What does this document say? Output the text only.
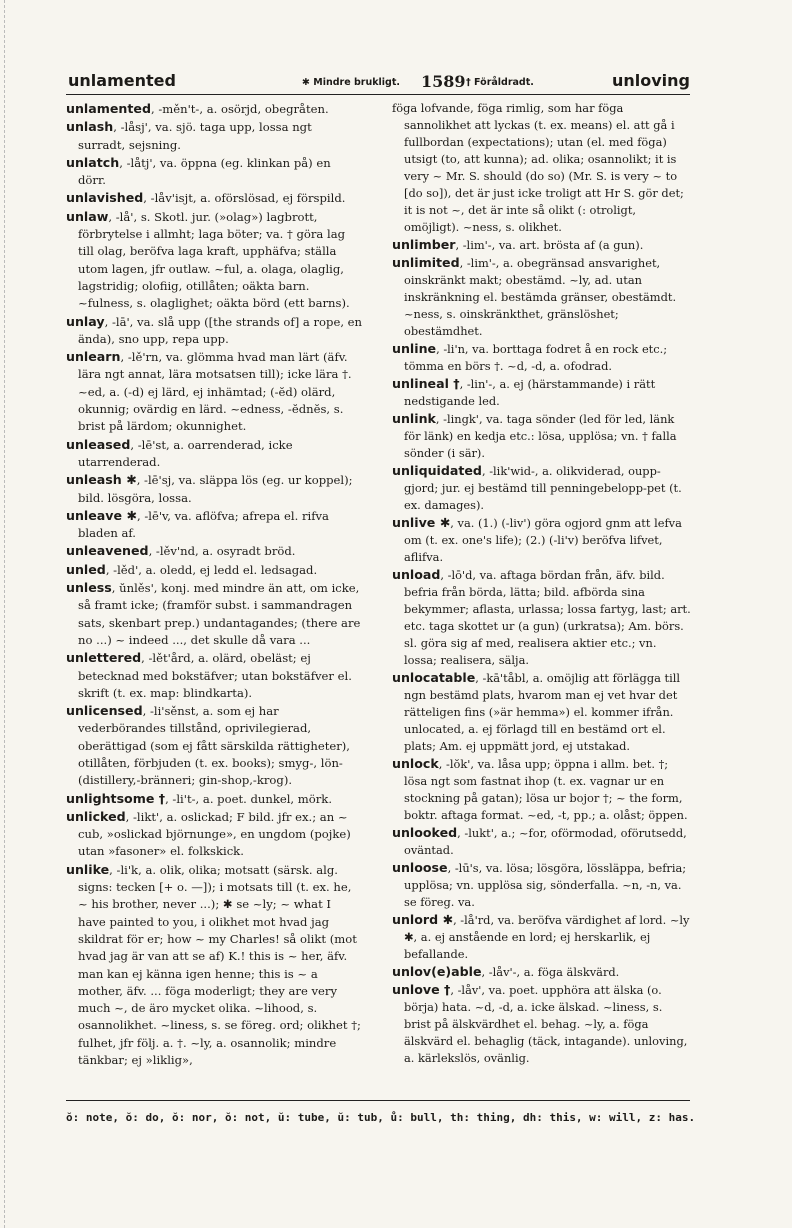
unlamented	✱ Mindre brukligt. 1589 † Föråldradt.	unloving

unlamented, -měn't-, a. osörjd, obegråten.

unlash, -låsj', va. sjö. taga upp, lossa ngt surradt, sejsning.

unlatch, -låtj', va. öppna (eg. klinkan på) en dörr.

unlavished, -låv'isjt, a. oförslösad, ej förspild.

unlaw, -lå', s. Skotl. jur. (»olag») lagbrott, förbrytelse i allmht; laga böter; va. † göra lag till olag, beröfva laga kraft, upphäfva; ställa utom lagen, jfr outlaw. ~ful, a. olaga, olaglig, lagstridig; olofiig, otillåten; oäkta barn. ~fulness, s. olaglighet; oäkta börd (ett barns).

unlay, -lā', va. slå upp ([the strands of] a rope, en ända), sno upp, repa upp.

unlearn, -lě'rn, va. glömma hvad man lärt (äfv. lära ngt annat, lära motsatsen till); icke lära †. ~ed, a. (-d) ej lärd, ej inhämtad; (-ĕd) olärd, okunnig; ovärdig en lärd. ~edness, -ĕdnĕs, s. brist på lärdom; okunnighet.

unleased, -lē'st, a. oarrenderad, icke utarrenderad.

unleash ✱, -lē'sj, va. släppa lös (eg. ur koppel); bild. lösgöra, lossa.

unleave ✱, -lē'v, va. aflöfva; afrepa el. rifva bladen af.

unleavened, -lěv'nd, a. osyradt bröd.

unled, -lěd', a. oledd, ej ledd el. ledsagad.

unless, ŭnlěs', konj. med mindre än att, om icke, så framt icke; (framför subst. i sammandragen sats, skenbart prep.) undantagandes; (there are no ...) ~ indeed ..., det skulle då vara ...

unlettered, -lět'ård, a. olärd, obeläst; ej betecknad med bokstäfver; utan bokstäfver el. skrift (t. ex. map: blindkarta).

unlicensed, -li'sěnst, a. som ej har vederbörandes tillstånd, oprivilegierad, oberättigad (som ej fått särskilda rättigheter), otillåten, förbjuden (t. ex. books); smyg-, lön-(distillery,-bränneri; gin-shop,-krog).

unlightsome †, -li't-, a. poet. dunkel, mörk.

unlicked, -likt', a. oslickad; F bild. jfr ex.; an ~ cub, »oslickad björnunge», en ungdom (pojke) utan »fasoner» el. folkskick.

unlike, -li'k, a. olik, olika; motsatt (särsk. alg. signs: tecken [+ o. —]); i motsats till (t. ex. he, ~ his brother, never ...); ✱ se ~ly; ~ what I have painted to you, i olikhet mot hvad jag skildrat för er; how ~ my Charles! så olikt (mot hvad jag är van att se af) K.! this is ~ her, äfv. man kan ej känna igen henne; this is ~ a mother, äfv. ... föga moderligt; they are very much ~, de äro mycket olika. ~lihood, s. osannolikhet. ~liness, s. se föreg. ord; olikhet †; fulhet, jfr följ. a. †. ~ly, a. osannolik; mindre tänkbar; ej »liklig»,

föga lofvande, föga rimlig, som har föga sannolikhet att lyckas (t. ex. means) el. att gå i fullbordan (expectations); utan (el. med föga) utsigt (to, att kunna); ad. olika; osannolikt; it is very ~ Mr. S. should (do so) (Mr. S. is very ~ to [do so]), det är just icke troligt att Hr S. gör det; it is not ~, det är inte så olikt (: otroligt, omöjligt). ~ness, s. olikhet.

unlimber, -lim'-, va. art. brösta af (a gun).

unlimited, -lim'-, a. obegränsad ansvarighet, oinskränkt makt; obestämd. ~ly, ad. utan inskränkning el. bestämda gränser, obestämdt. ~ness, s. oinskränkthet, gränslöshet; obestämdhet.

unline, -li'n, va. borttaga fodret å en rock etc.; tömma en börs †. ~d, -d, a. ofodrad.

unlineal †, -lin'-, a. ej (härstammande) i rätt nedstigande led.

unlink, -lingk', va. taga sönder (led för led, länk för länk) en kedja etc.: lösa, upplösa; vn. † falla sönder (i sär).

unliquidated, -lik'wid-, a. olikviderad, oupp-gjord; jur. ej bestämd till penningebelopp-pet (t. ex. damages).

unlive ✱, va. (1.) (-liv') göra ogjord gnm att lefva om (t. ex. one's life); (2.) (-li'v) beröfva lifvet, aflifva.

unload, -lō'd, va. aftaga bördan från, äfv. bild. befria från börda, lätta; bild. afbörda sina bekymmer; aflasta, urlassa; lossa fartyg, last; art. etc. taga skottet ur (a gun) (urkratsa); Am. börs. sl. göra sig af med, realisera aktier etc.; vn. lossa; realisera, sälja.

unlocatable, -kā'tåbl, a. omöjlig att förlägga till ngn bestämd plats, hvarom man ej vet hvar det rätteligen fins (»är hemma») el. kommer ifrån. unlocated, a. ej förlagd till en bestämd ort el. plats; Am. ej uppmätt jord, ej utstakad.

unlock, -lŏk', va. låsa upp; öppna i allm. bet. †; lösa ngt som fastnat ihop (t. ex. vagnar ur en stockning på gatan); lösa ur bojor †; ~ the form, boktr. aftaga format. ~ed, -t, pp.; a. olåst; öppen.

unlooked, -lukt', a.; ~for, oförmodad, oförutsedd, oväntad.

unloose, -lū's, va. lösa; lösgöra, lössläppa, befria; upplösa; vn. upplösa sig, sönderfalla. ~n, -n, va. se föreg. va.

unlord ✱, -lå'rd, va. beröfva värdighet af lord. ~ly ✱, a. ej anstående en lord; ej herskarlik, ej befallande.

unlov(e)able, -låv'-, a. föga älskvärd.

unlove †, -låv', va. poet. upphöra att älska (o. börja) hata. ~d, -d, a. icke älskad. ~liness, s. brist på älskvärdhet el. behag. ~ly, a. föga älskvärd el. behaglig (täck, intagande). unloving, a. kärlekslös, ovänlig.

ŏ: note, ŏ: do, ŏ: nor, ŏ: not, ŭ: tube, ŭ: tub, ů: bull, th: thing, dh: this, w: will, z: has.
